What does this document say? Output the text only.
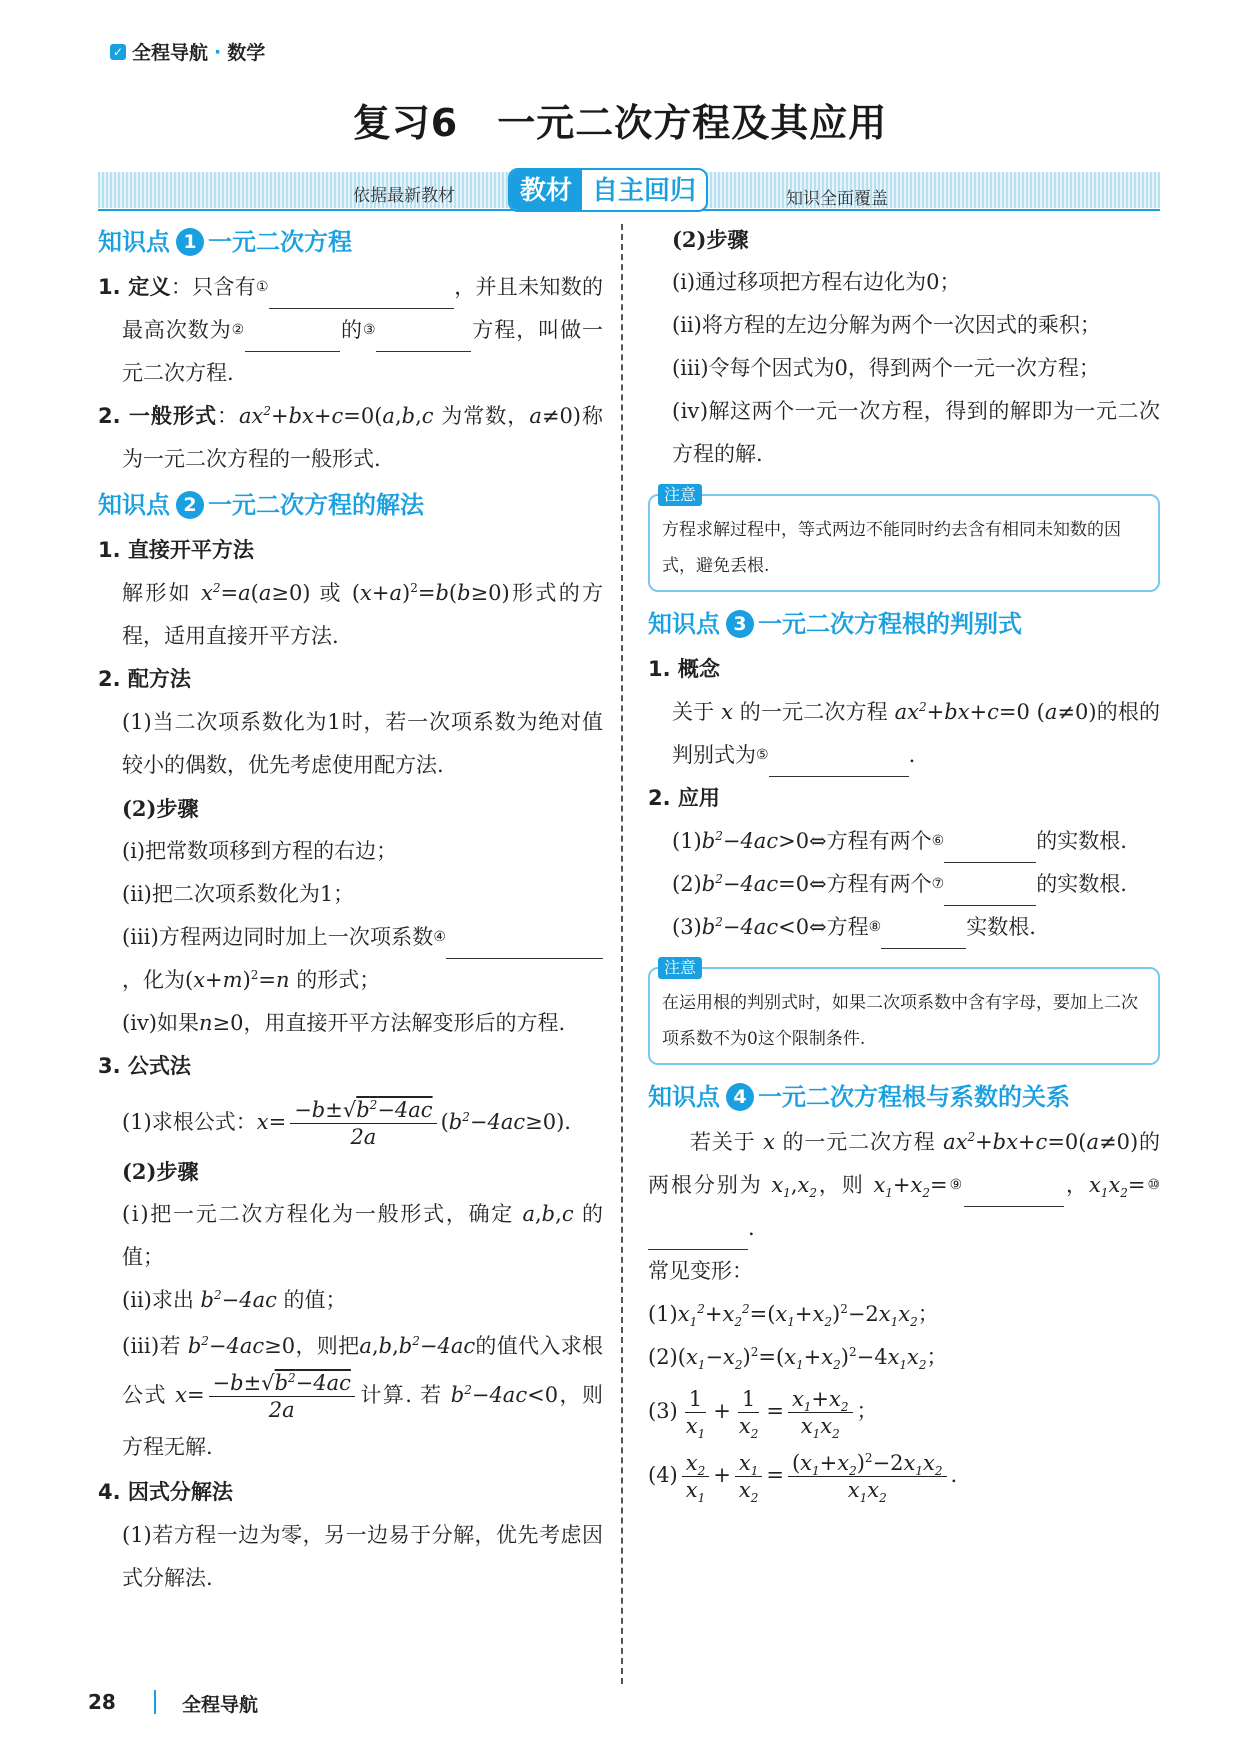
✓ 全程导航 · 数学
复习6　一元二次方程及其应用
依据最新教材	教材 自主回归	知识全面覆盖
知识点 1 一元二次方程
1. 定义：只含有①	，并且未知数的最高次数为②	的③	方程，叫做一元二次方程.
2. 一般形式：$ax^2+bx+c=0(a,b,c$ 为常数，a≠0)称为一元二次方程的一般形式.
知识点 2 一元二次方程的解法
1. 直接开平方法
解形如 $x^2=a(a\ge 0)$ 或 $(x+a)^2=b(b\ge 0)$形式的方程，适用直接开平方法.
2. 配方法
(1)当二次项系数化为1时，若一次项系数为绝对值较小的偶数，优先考虑使用配方法.
(2)步骤
(ⅰ)把常数项移到方程的右边；
(ⅱ)把二次项系数化为1；
(ⅲ)方程两边同时加上一次项系数④，化为$(x+m)^2=n$ 的形式；
(ⅳ)如果n≥0，用直接开平方法解变形后的方程.
3. 公式法
(1)求根公式：$x= \frac{-b\pm√b^2-4ac}{2a} (b^2-4ac\ge 0)$.
(2)步骤
(ⅰ)把一元二次方程化为一般形式，确定 a,b,c 的值；
(ⅱ)求出 $b^2-4ac$ 的值；
(ⅲ)若 $b^2-4ac\ge 0$，则把$a,b,b^2-4ac$的值代入求根公式 $x= \frac{-b\pm√b^2-4ac}{2a}$ 计算. 若 $b^2-4ac<0$，则方程无解.
4. 因式分解法
(1)若方程一边为零，另一边易于分解，优先考虑因式分解法.
(2)步骤
(ⅰ)通过移项把方程右边化为0；
(ⅱ)将方程的左边分解为两个一次因式的乘积；
(ⅲ)令每个因式为0，得到两个一元一次方程；
(ⅳ)解这两个一元一次方程，得到的解即为一元二次方程的解.
注意
方程求解过程中，等式两边不能同时约去含有相同未知数的因式，避免丢根.
知识点 3 一元二次方程根的判别式
1. 概念
关于 x 的一元二次方程 $ax^2+bx+c=0$ (a≠0)的根的判别式为⑤	.
2. 应用
$(1)b^2-4ac>0\Leftrightarrow$方程有两个⑥	的实数根.
$(2)b^2-4ac=0\Leftrightarrow$方程有两个⑦	的实数根.
$(3)b^2-4ac<0\Leftrightarrow$方程⑧	实数根.
注意
在运用根的判别式时，如果二次项系数中含有字母，要加上二次项系数不为0这个限制条件.
知识点 4 一元二次方程根与系数的关系
若关于 x 的一元二次方程 $ax^2+bx+c=0(a\ne 0)$的两根分别为 $x_1,x_2$，则 $x_1+x_2=⑨$	，$x_1x_2=⑩$.
常见变形：
$(1)x_1^2+x_2^2=(x_1+x_2)^2-2x_1x_2$；
$(2)(x_1-x_2)^2=(x_1+x_2)^2-4x_1x_2$；
$(3) \frac{1}{x_1} + \frac{1}{x_2} = \frac{x_1+x_2}{x_1x_2}$ ；
$(4) \frac{x_2}{x_1} + \frac{x_1}{x_2} = \frac{(x_1+x_2)^2-2x_1x_2}{x_1x_2}$ .
28	全程导航
